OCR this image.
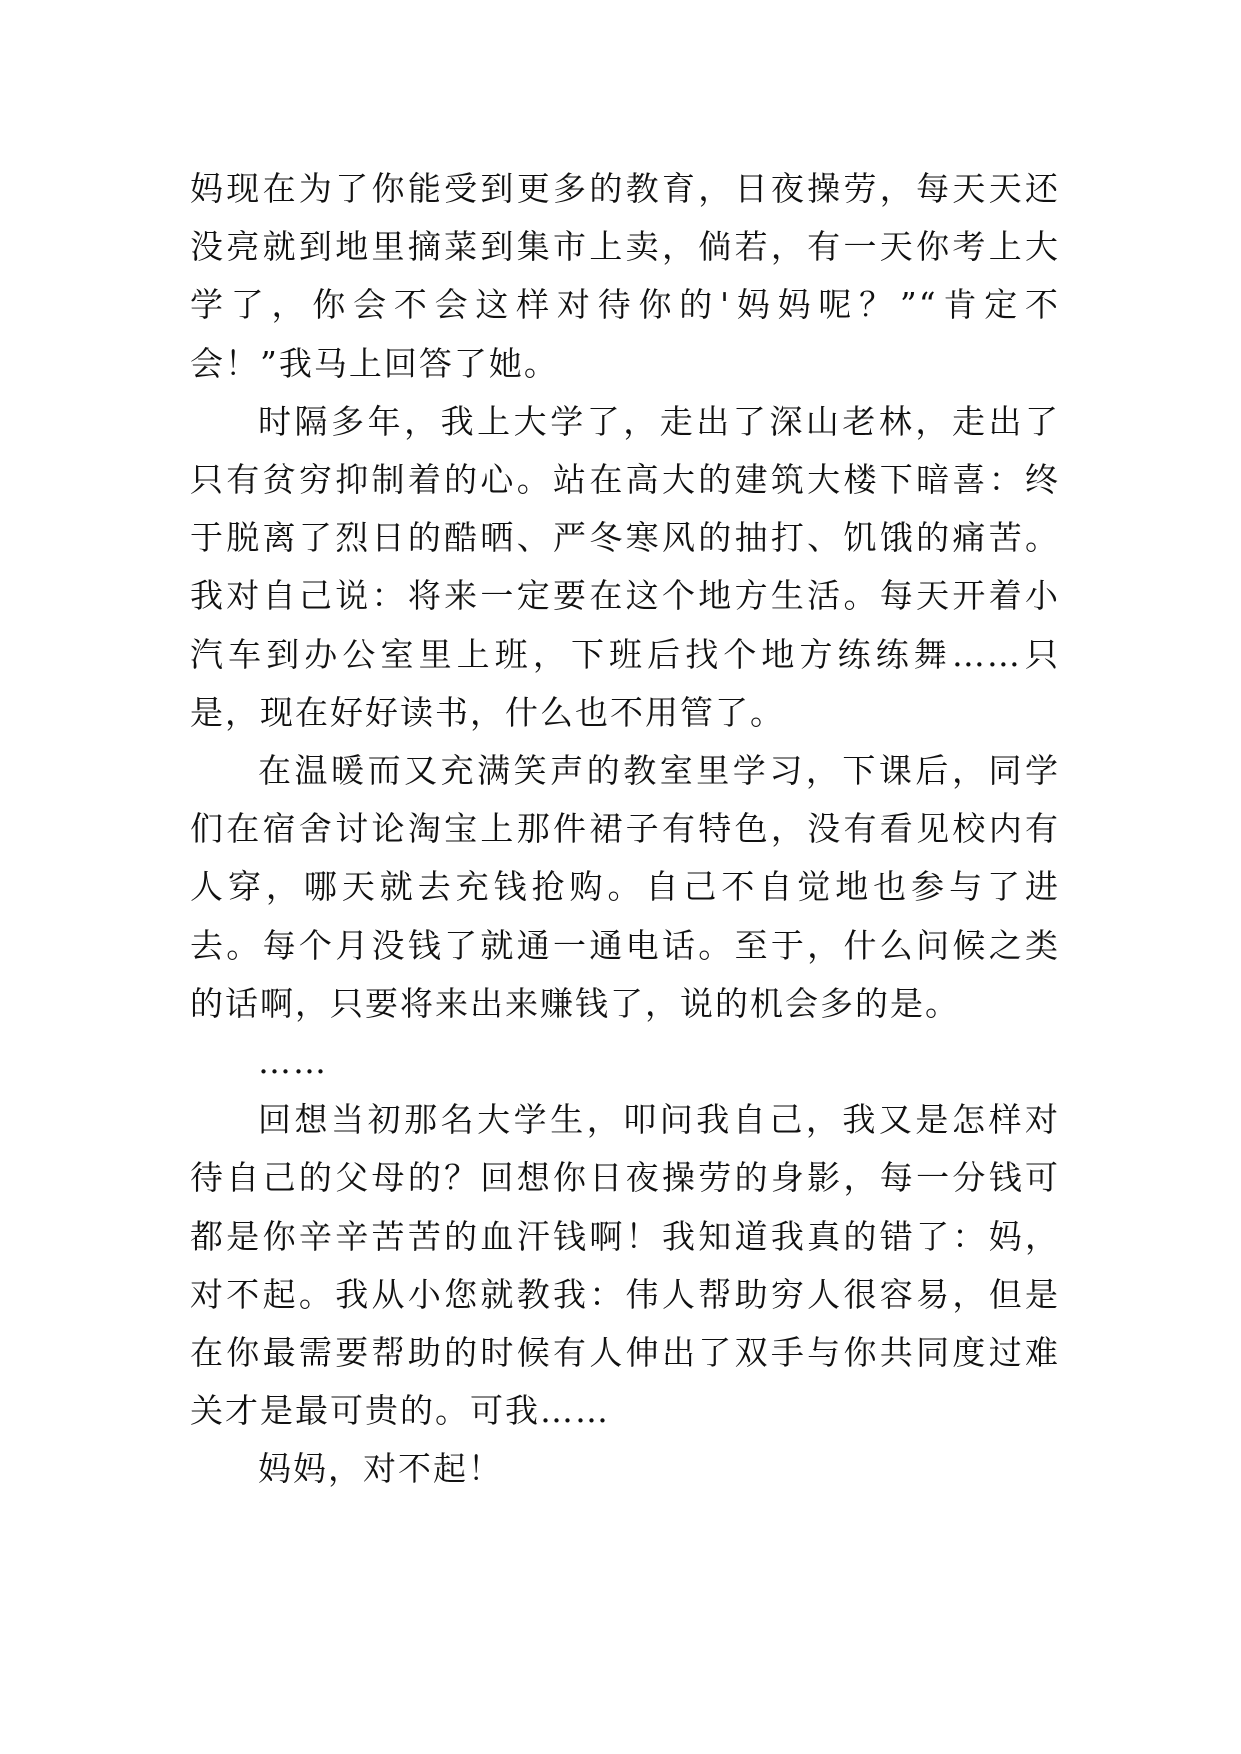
妈现在为了你能受到更多的教育，日夜操劳，每天天还没亮就到地里摘菜到集市上卖，倘若，有一天你考上大学了，你会不会这样对待你的'妈妈呢？”“肯定不会！”我马上回答了她。

时隔多年，我上大学了，走出了深山老林，走出了只有贫穷抑制着的心。站在高大的建筑大楼下暗喜：终于脱离了烈日的酷晒、严冬寒风的抽打、饥饿的痛苦。我对自己说：将来一定要在这个地方生活。每天开着小汽车到办公室里上班，下班后找个地方练练舞……只是，现在好好读书，什么也不用管了。

在温暖而又充满笑声的教室里学习，下课后，同学们在宿舍讨论淘宝上那件裙子有特色，没有看见校内有人穿，哪天就去充钱抢购。自己不自觉地也参与了进去。每个月没钱了就通一通电话。至于，什么问候之类的话啊，只要将来出来赚钱了，说的机会多的是。

……

回想当初那名大学生，叩问我自己，我又是怎样对待自己的父母的？回想你日夜操劳的身影，每一分钱可都是你辛辛苦苦的血汗钱啊！我知道我真的错了：妈，对不起。我从小您就教我：伟人帮助穷人很容易，但是在你最需要帮助的时候有人伸出了双手与你共同度过难关才是最可贵的。可我……

妈妈，对不起！
